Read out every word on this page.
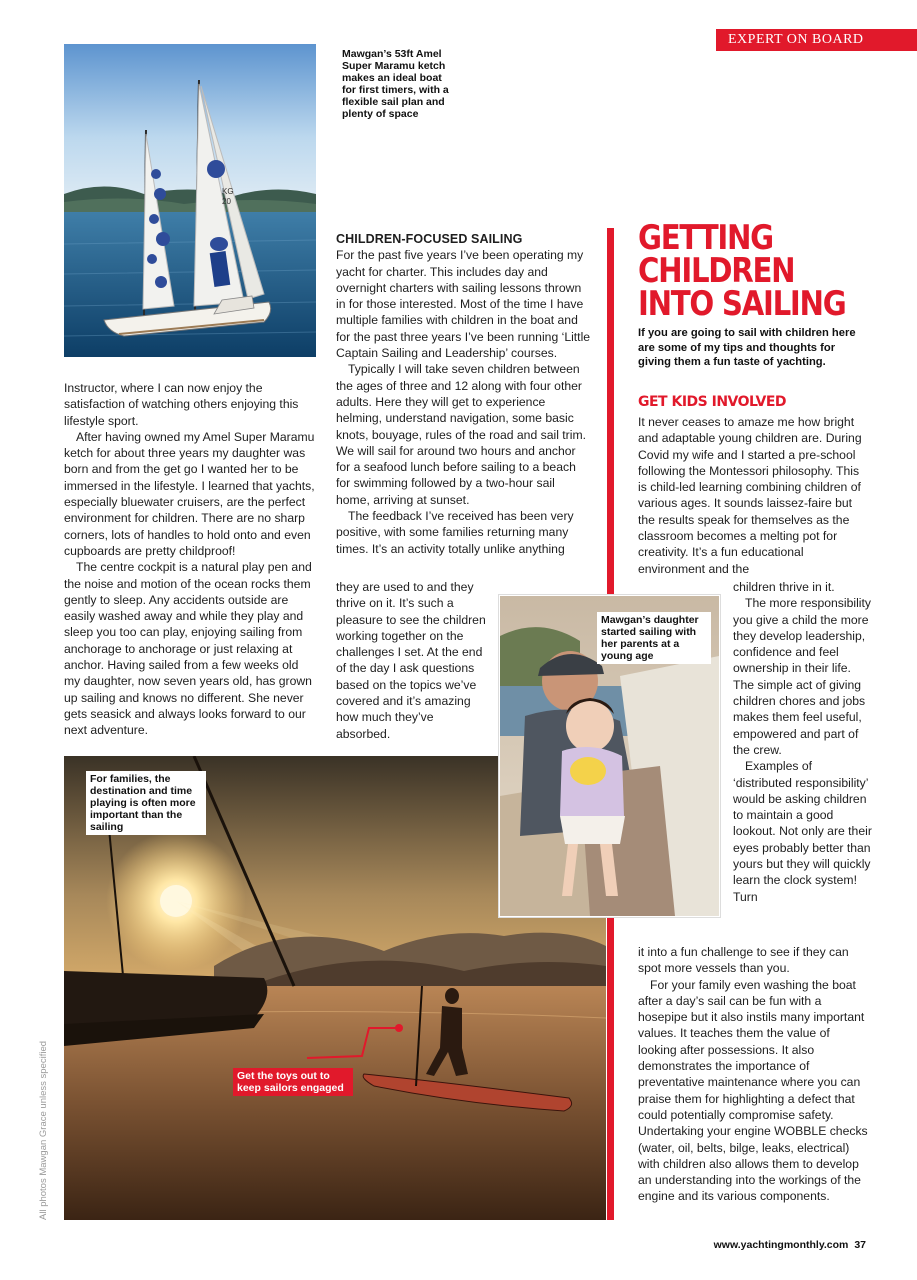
EXPERT ON BOARD
All photos Mawgan Grace unless specified
KG
20
Mawgan’s 53ft Amel Super Maramu ketch makes an ideal boat for first timers, with a flexible sail plan and plenty of space

Instructor, where I can now enjoy the satisfaction of watching others enjoying this lifestyle sport.

After having owned my Amel Super Maramu ketch for about three years my daughter was born and from the get go I wanted her to be immersed in the lifestyle. I learned that yachts, especially bluewater cruisers, are the perfect environment for children. There are no sharp corners, lots of handles to hold onto and even cupboards are pretty childproof!

The centre cockpit is a natural play pen and the noise and motion of the ocean rocks them gently to sleep. Any accidents outside are easily washed away and while they play and sleep you too can play, enjoying sailing from anchorage to anchorage or just relaxing at anchor. Having sailed from a few weeks old my daughter, now seven years old, has grown up sailing and knows no different. She never gets seasick and always looks forward to our next adventure.

CHILDREN-FOCUSED SAILING

For the past five years I’ve been operating my yacht for charter. This includes day and overnight charters with sailing lessons thrown in for those interested. Most of the time I have multiple families with children in the boat and for the past three years I’ve been running ‘Little Captain Sailing and Leadership’ courses.

Typically I will take seven children between the ages of three and 12 along with four other adults. Here they will get to experience helming, understand navigation, some basic knots, bouyage, rules of the road and sail trim. We will sail for around two hours and anchor for a seafood lunch before sailing to a beach for swimming followed by a two-hour sail home, arriving at sunset.

The feedback I’ve received has been very positive, with some families returning many times. It’s an activity totally unlike anything

they are used to and they thrive on it. It’s such a pleasure to see the children working together on the challenges I set. At the end of the day I ask questions based on the topics we’ve covered and it’s amazing how much they’ve absorbed.

GETTING
CHILDREN
INTO SAILING
If you are going to sail with children here are some of my tips and thoughts for giving them a fun taste of yachting.
GET KIDS INVOLVED

It never ceases to amaze me how bright and adaptable young children are. During Covid my wife and I started a pre-school following the Montessori philosophy. This is child-led learning combining children of various ages. It sounds laissez-faire but the results speak for themselves as the classroom becomes a melting pot for creativity. It’s a fun educational environment and the

children thrive in it.

The more responsibility you give a child the more they develop leadership, confidence and feel ownership in their life. The simple act of giving children chores and jobs makes them feel useful, empowered and part of the crew.

Examples of ‘distributed responsibility’ would be asking children to maintain a good lookout. Not only are their eyes probably better than yours but they will quickly learn the clock system! Turn

it into a fun challenge to see if they can spot more vessels than you.

For your family even washing the boat after a day’s sail can be fun with a hosepipe but it also instils many important values. It teaches them the value of looking after possessions. It also demonstrates the importance of preventative maintenance where you can praise them for highlighting a defect that could potentially compromise safety. Undertaking your engine WOBBLE checks (water, oil, belts, bilge, leaks, electrical) with children also allows them to develop an understanding into the workings of the engine and its various components.

For families, the destination and time playing is often more important than the sailing
Get the toys out to keep sailors engaged
Mawgan’s daughter started sailing with her parents at a young age
www.yachtingmonthly.com 37
